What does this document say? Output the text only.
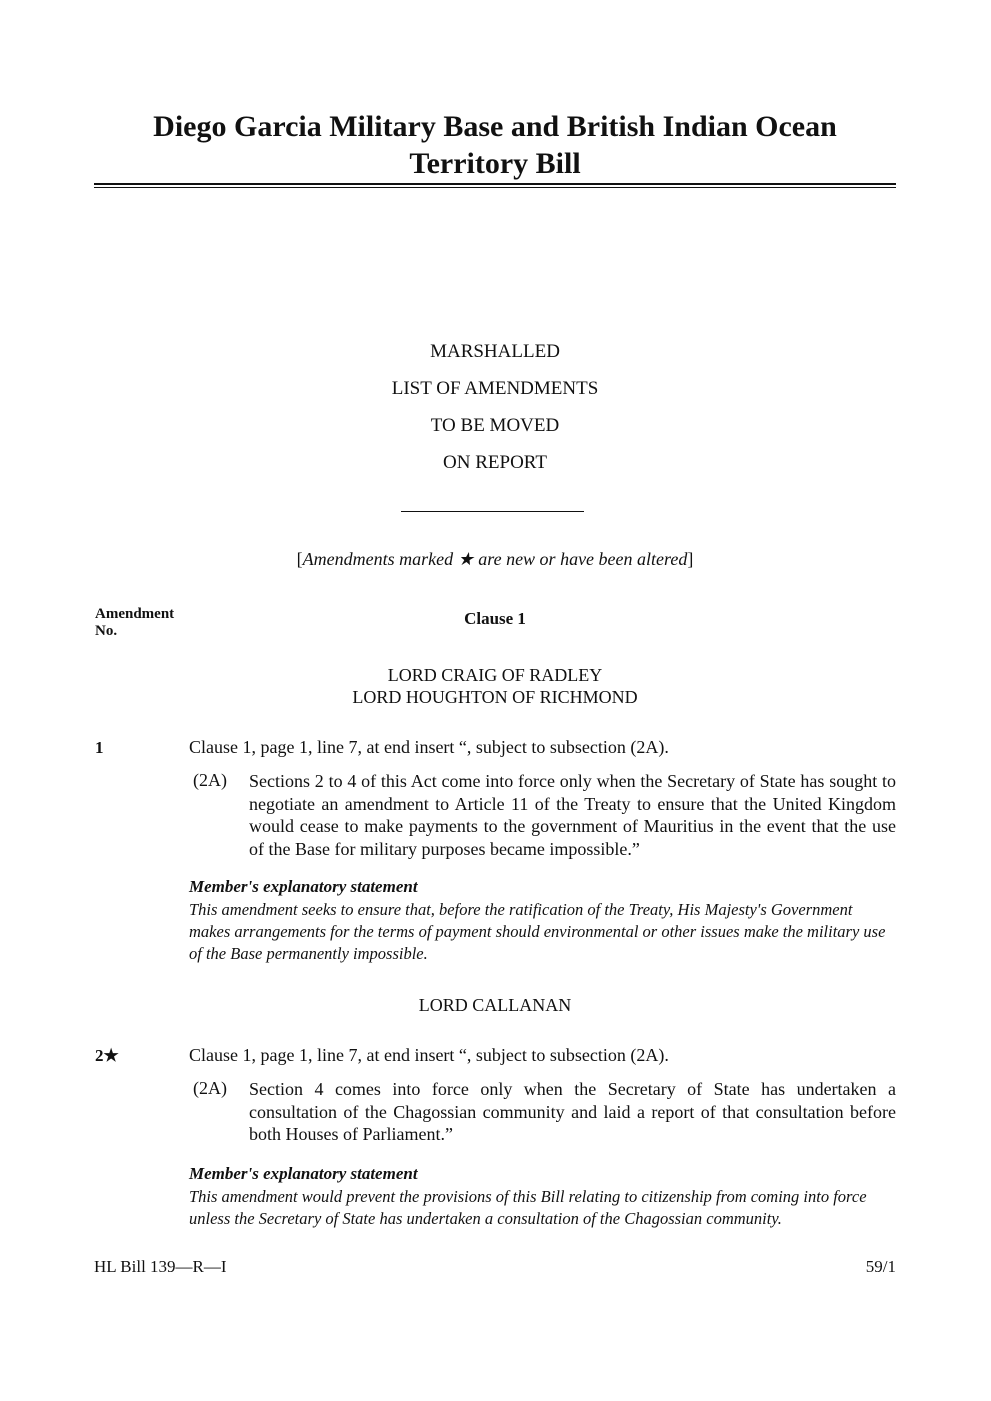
Diego Garcia Military Base and British Indian Ocean Territory Bill
MARSHALLED
LIST OF AMENDMENTS
TO BE MOVED
ON REPORT
[Amendments marked ★ are new or have been altered]
Amendment
No.
Clause 1
LORD CRAIG OF RADLEY
LORD HOUGHTON OF RICHMOND
1	Clause 1, page 1, line 7, at end insert “, subject to subsection (2A).
(2A) Sections 2 to 4 of this Act come into force only when the Secretary of State has sought to negotiate an amendment to Article 11 of the Treaty to ensure that the United Kingdom would cease to make payments to the government of Mauritius in the event that the use of the Base for military purposes became impossible.”
Member's explanatory statement
This amendment seeks to ensure that, before the ratification of the Treaty, His Majesty's Government makes arrangements for the terms of payment should environmental or other issues make the military use of the Base permanently impossible.
LORD CALLANAN
2★	Clause 1, page 1, line 7, at end insert “, subject to subsection (2A).
(2A) Section 4 comes into force only when the Secretary of State has undertaken a consultation of the Chagossian community and laid a report of that consultation before both Houses of Parliament.”
Member's explanatory statement
This amendment would prevent the provisions of this Bill relating to citizenship from coming into force unless the Secretary of State has undertaken a consultation of the Chagossian community.
HL Bill 139—R—I	59/1
